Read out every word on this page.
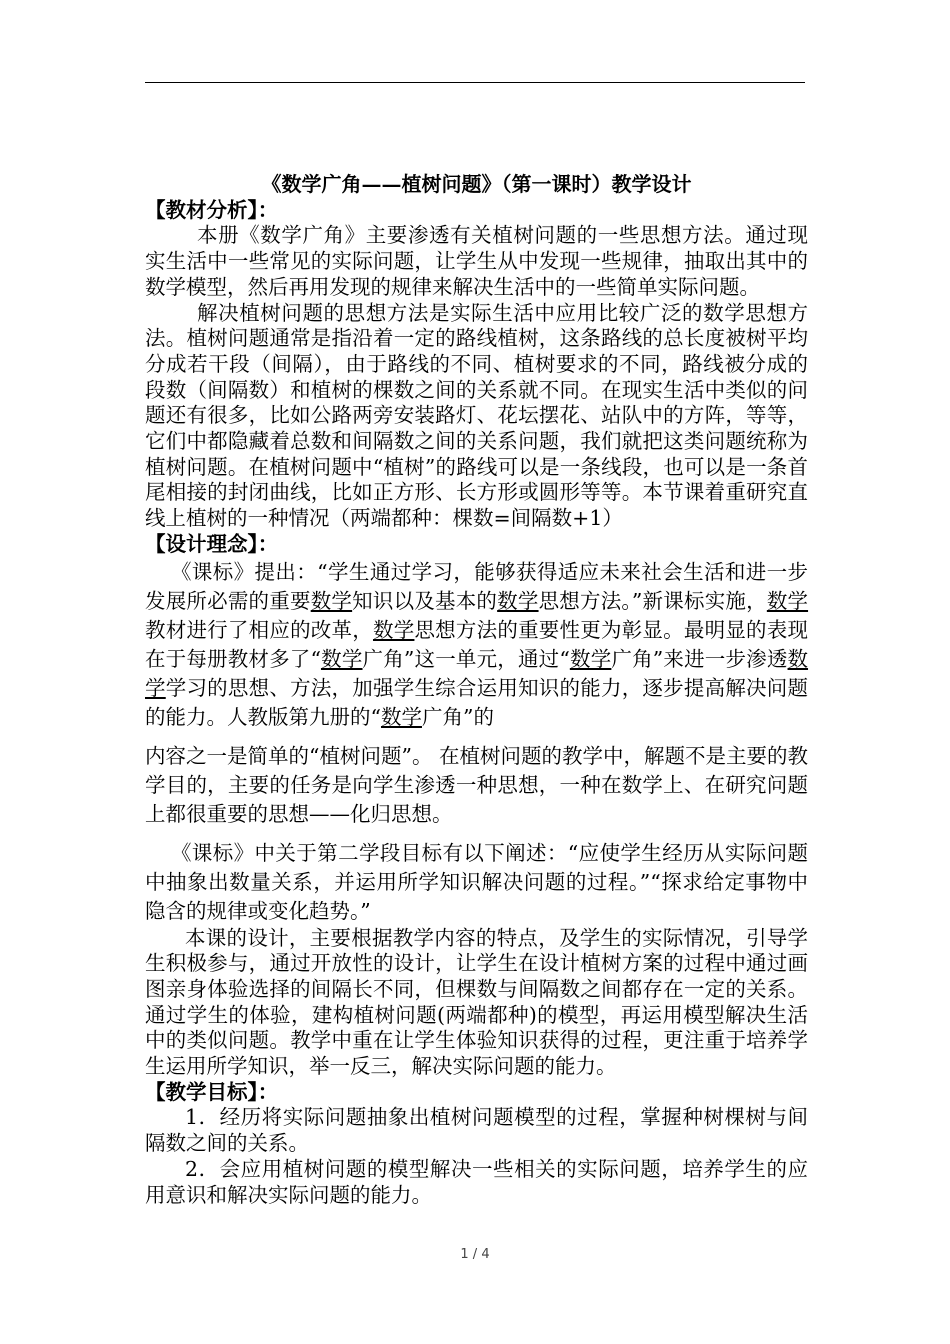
《数学广角——植树问题》（第一课时）教学设计

【教材分析】：

本册《数学广角》主要渗透有关植树问题的一些思想方法。通过现实生活中一些常见的实际问题，让学生从中发现一些规律，抽取出其中的数学模型，然后再用发现的规律来解决生活中的一些简单实际问题。

解决植树问题的思想方法是实际生活中应用比较广泛的数学思想方法。植树问题通常是指沿着一定的路线植树，这条路线的总长度被树平均分成若干段（间隔），由于路线的不同、植树要求的不同，路线被分成的段数（间隔数）和植树的棵数之间的关系就不同。在现实生活中类似的问题还有很多，比如公路两旁安装路灯、花坛摆花、站队中的方阵，等等，它们中都隐藏着总数和间隔数之间的关系问题，我们就把这类问题统称为植树问题。在植树问题中“植树”的路线可以是一条线段，也可以是一条首尾相接的封闭曲线，比如正方形、长方形或圆形等等。本节课着重研究直线上植树的一种情况（两端都种：棵数=间隔数+1）

【设计理念】：

《课标》提出：“学生通过学习，能够获得适应未来社会生活和进一步发展所必需的重要数学知识以及基本的数学思想方法。”新课标实施，数学教材进行了相应的改革，数学思想方法的重要性更为彰显。最明显的表现在于每册教材多了“数学广角”这一单元，通过“数学广角”来进一步渗透数学学习的思想、方法，加强学生综合运用知识的能力，逐步提高解决问题的能力。人教版第九册的“数学广角”的

内容之一是简单的“植树问题”。 在植树问题的教学中，解题不是主要的教学目的，主要的任务是向学生渗透一种思想，一种在数学上、在研究问题上都很重要的思想——化归思想。

《课标》中关于第二学段目标有以下阐述：“应使学生经历从实际问题中抽象出数量关系，并运用所学知识解决问题的过程。”“探求给定事物中隐含的规律或变化趋势。”

本课的设计，主要根据教学内容的特点，及学生的实际情况，引导学生积极参与，通过开放性的设计，让学生在设计植树方案的过程中通过画图亲身体验选择的间隔长不同，但棵数与间隔数之间都存在一定的关系。通过学生的体验，建构植树问题(两端都种)的模型，再运用模型解决生活中的类似问题。教学中重在让学生体验知识获得的过程，更注重于培养学生运用所学知识，举一反三，解决实际问题的能力。

【教学目标】：

1．经历将实际问题抽象出植树问题模型的过程，掌握种树棵树与间隔数之间的关系。

2．会应用植树问题的模型解决一些相关的实际问题，培养学生的应用意识和解决实际问题的能力。

1 / 4
